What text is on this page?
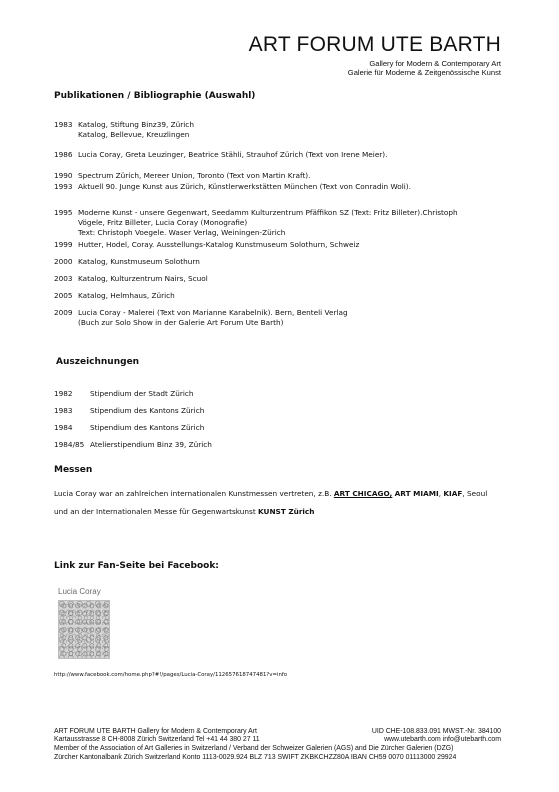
ART FORUM UTE BARTH
Gallery for Modern & Contemporary Art
Galerie für Moderne & Zeitgenössische Kunst
Publikationen / Bibliographie (Auswahl)
1983 Katalog, Stiftung Binz39, Zürich
Katalog, Bellevue, Kreuzlingen
1986 Lucia Coray, Greta Leuzinger, Beatrice Stähli, Strauhof Zürich (Text von Irene Meier).
1990 Spectrum Zürich, Mereer Union, Toronto (Text von Martin Kraft).
1993 Aktuell 90. Junge Kunst aus Zürich, Künstlerwerkstätten München (Text von Conradin Woli).
1995 Moderne Kunst - unsere Gegenwart, Seedamm Kulturzentrum Pfäffikon SZ (Text: Fritz Billeter).Christoph
Vögele, Fritz Billeter, Lucia Coray (Monografie)
Text: Christoph Voegele. Waser Verlag, Weiningen-Zürich
1999 Hutter, Hodel, Coray. Ausstellungs-Katalog Kunstmuseum Solothurn, Schweiz
2000 Katalog, Kunstmuseum Solothurn
2003 Katalog, Kulturzentrum Nairs, Scuol
2005 Katalog, Helmhaus, Zürich
2009 Lucia Coray - Malerei (Text von Marianne Karabelnik). Bern, Benteli Verlag
(Buch zur Solo Show in der Galerie Art Forum Ute Barth)
Auszeichnungen
1982 Stipendium der Stadt Zürich
1983 Stipendium des Kantons Zürich
1984 Stipendium des Kantons Zürich
1984/85 Atelierstipendium Binz 39, Zürich
Messen
Lucia Coray war an zahlreichen internationalen Kunstmessen vertreten, z.B. ART CHICAGO, ART MIAMI, KIAF, Seoul
und an der Internationalen Messe für Gegenwartskunst KUNST Zürich
Link zur Fan-Seite bei Facebook:
Lucia Coray
http://www.facebook.com/home.php?#!/pages/Lucia-Coray/112657618747481?v=info
ART FORUM UTE BARTH Gallery for Modern & Contemporary Art	UID CHE-108.833.091 MWST.-Nr. 384100
Kartausstrasse 8 CH-8008 Zürich Switzerland Tel +41 44 380 27 11	www.utebarth.com info@utebarth.com
Member of the Association of Art Galleries in Switzerland / Verband der Schweizer Galerien (AGS) and Die Zürcher Galerien (DZG)
Zürcher Kantonalbank Zürich Switzerland Konto 1113-0029.924 BLZ 713 SWIFT ZKBKCHZZ80A IBAN CH59 0070 01113000 29924
